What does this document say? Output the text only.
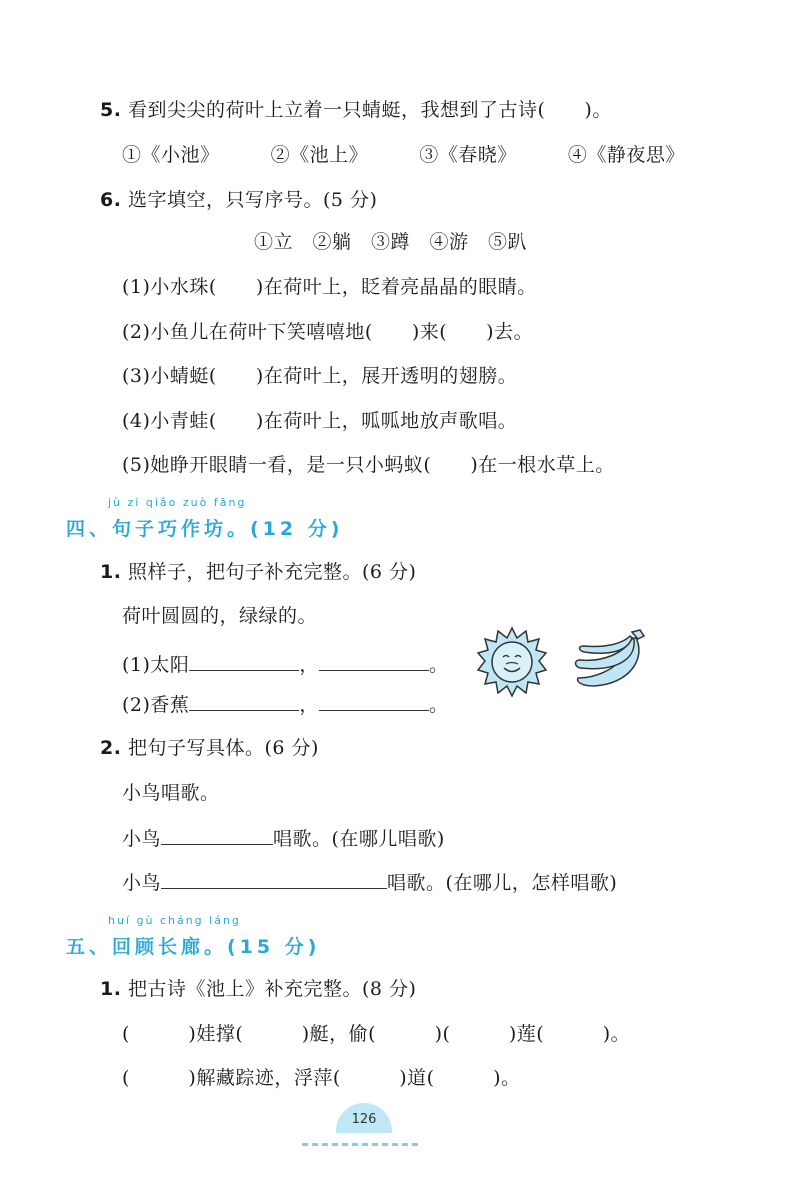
5. 看到尖尖的荷叶上立着一只蜻蜓，我想到了古诗(　　)。
①《小池》	②《池上》	③《春晓》	④《静夜思》
6. 选字填空，只写序号。(5 分)
①立　②躺　③蹲　④游　⑤趴
(1)小水珠(　　)在荷叶上，眨着亮晶晶的眼睛。
(2)小鱼儿在荷叶下笑嘻嘻地(　　)来(　　)去。
(3)小蜻蜓(　　)在荷叶上，展开透明的翅膀。
(4)小青蛙(　　)在荷叶上，呱呱地放声歌唱。
(5)她睁开眼睛一看，是一只小蚂蚁(　　)在一根水草上。
jù zi qiǎo zuò fāng
四、句子巧作坊。(12 分)
1. 照样子，把句子补充完整。(6 分)
荷叶圆圆的，绿绿的。
(1)太阳	，	。
(2)香蕉	，	。
2. 把句子写具体。(6 分)
小鸟唱歌。
小鸟	唱歌。(在哪儿唱歌)
小鸟	唱歌。(在哪儿，怎样唱歌)
huí gù cháng láng
五、回顾长廊。(15 分)
1. 把古诗《池上》补充完整。(8 分)
(　　　)娃撑(　　　)艇，偷(　　　)(　　　)莲(　　　)。
(　　　)解藏踪迹，浮萍(　　　)道(　　　)。
126
